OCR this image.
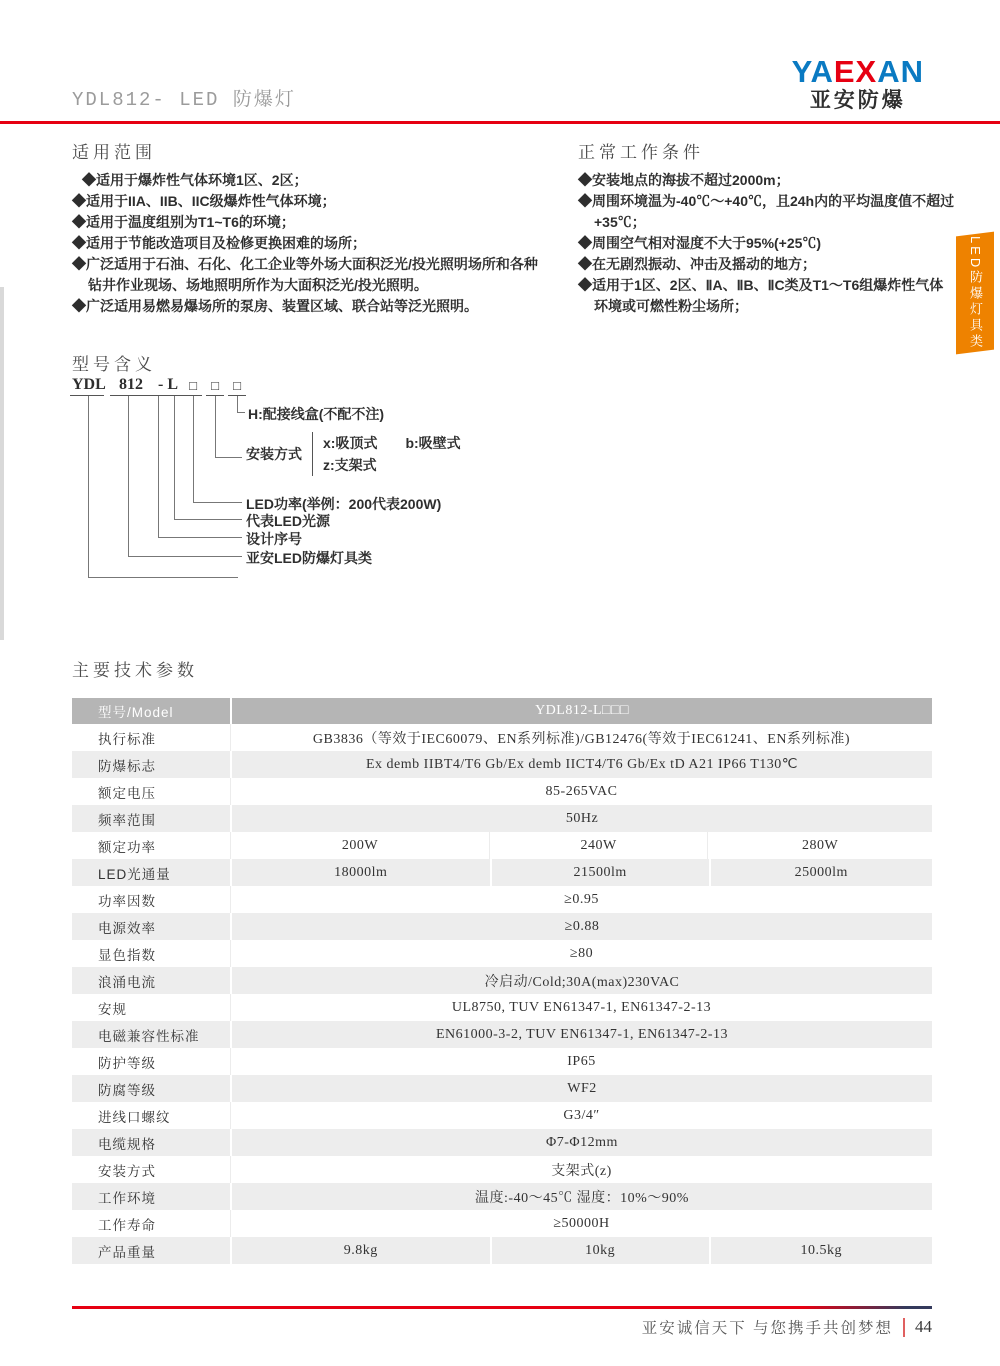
YDL812- LED 防爆灯
YAEXAN
亚安防爆
LED防爆灯具类
适用范围
◆适用于爆炸性气体环境1区、2区；
◆适用于IIA、IIB、IIC级爆炸性气体环境；
◆适用于温度组别为T1~T6的环境；
◆适用于节能改造项目及检修更换困难的场所；
◆广泛适用于石油、石化、化工企业等外场大面积泛光/投光照明场所和各种钻井作业现场、场地照明所作为大面积泛光/投光照明。
◆广泛适用易燃易爆场所的泵房、装置区域、联合站等泛光照明。
正常工作条件
◆安装地点的海拔不超过2000m；
◆周围环境温为-40℃～+40℃，且24h内的平均温度值不超过+35℃；
◆周围空气相对湿度不大于95%(+25℃)
◆在无剧烈振动、冲击及摇动的地方；
◆适用于1区、2区、ⅡA、ⅡB、ⅡC类及T1～T6组爆炸性气体环境或可燃性粉尘场所；
型号含义
YDL 812 - L □	□	□
H:配接线盒(不配不注)
安装方式
x:吸顶式 b:吸壁式
z:支架式
LED功率(举例：200代表200W)
代表LED光源
设计序号
亚安LED防爆灯具类
主要技术参数
型号/Model	YDL812-L□□□
执行标准	GB3836（等效于IEC60079、EN系列标准)/GB12476(等效于IEC61241、EN系列标准)
防爆标志	Ex demb IIBT4/T6 Gb/Ex demb IICT4/T6 Gb/Ex tD A21 IP66 T130℃
额定电压	85-265VAC
频率范围	50Hz
额定功率	200W	240W	280W
LED光通量	18000lm	21500lm	25000lm
功率因数	≥0.95
电源效率	≥0.88
显色指数	≥80
浪涌电流	冷启动/Cold;30A(max)230VAC
安规	UL8750, TUV EN61347-1, EN61347-2-13
电磁兼容性标准	EN61000-3-2, TUV EN61347-1, EN61347-2-13
防护等级	IP65
防腐等级	WF2
进线口螺纹	G3/4″
电缆规格	Φ7-Φ12mm
安装方式	支架式(z)
工作环境	温度:-40～45℃ 湿度：10%～90%
工作寿命	≥50000H
产品重量	9.8kg	10kg	10.5kg
亚安诚信天下 与您携手共创梦想 44
